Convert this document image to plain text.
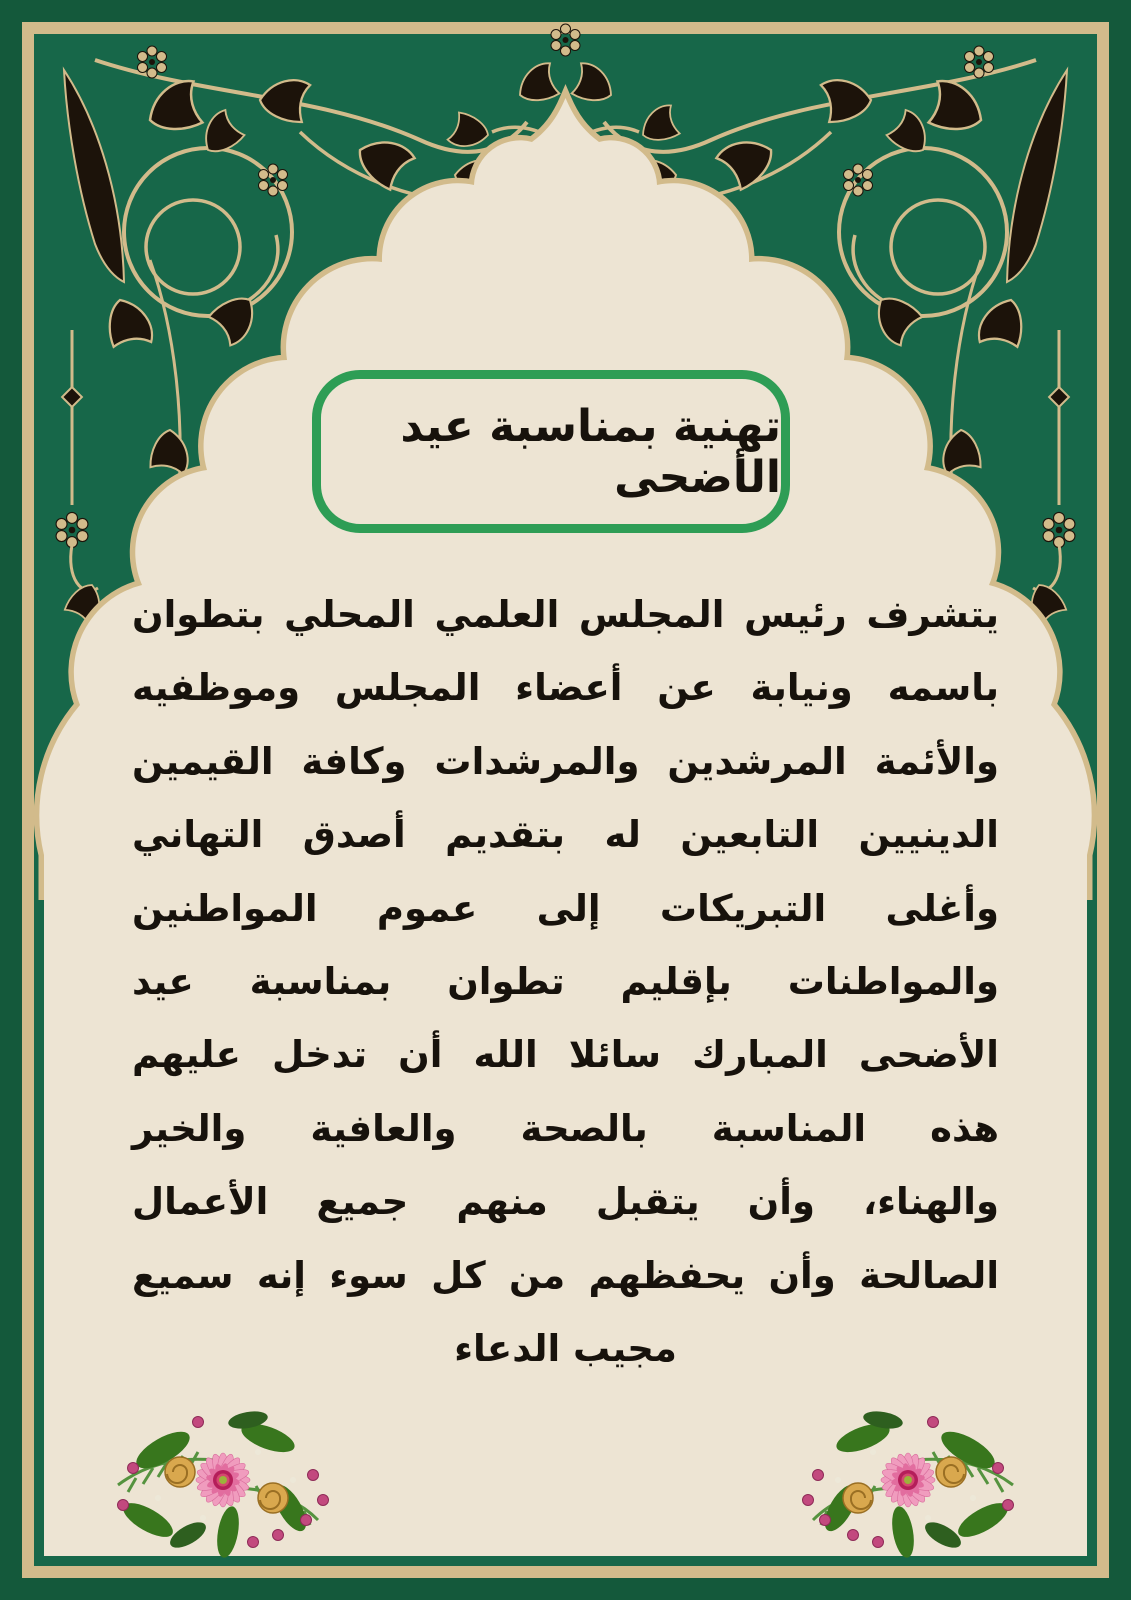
تهنية بمناسبة عيد الأضحى
يتشرف رئيس المجلس العلمي المحلي بتطوان
باسمه ونيابة عن أعضاء المجلس وموظفيه
والأئمة المرشدين والمرشدات وكافة القيمين
الدينيين التابعين له بتقديم أصدق التهاني
وأغلى التبريكات إلى عموم المواطنين
والمواطنات بإقليم تطوان بمناسبة عيد
الأضحى المبارك سائلا الله أن تدخل عليهم
هذه المناسبة بالصحة والعافية والخير
والهناء، وأن يتقبل منهم جميع الأعمال
الصالحة وأن يحفظهم من كل سوء إنه سميع
مجيب الدعاء
